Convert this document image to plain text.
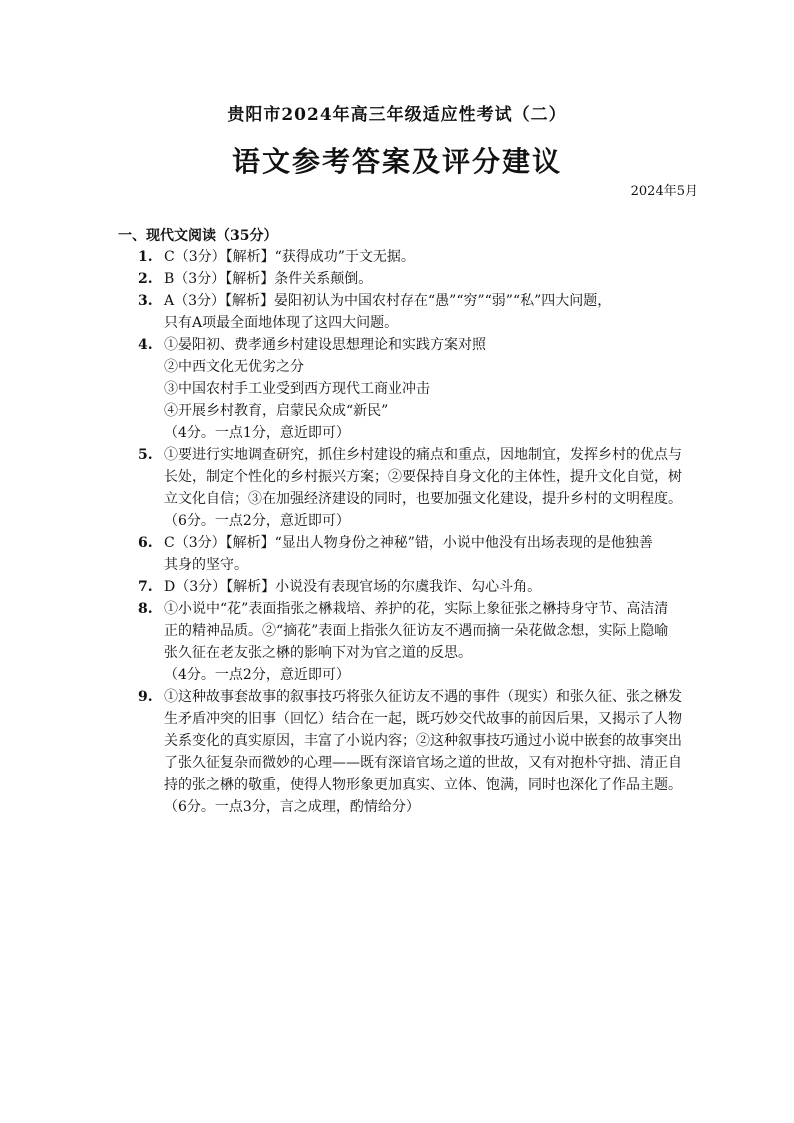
贵阳市2024年高三年级适应性考试（二）
语文参考答案及评分建议
2024年5月
一、现代文阅读（35分）
1. C（3分）【解析】“获得成功”于文无据。
2. B（3分）【解析】条件关系颠倒。
3. A（3分）【解析】晏阳初认为中国农村存在“愚”“穷”“弱”“私”四大问题，
只有A项最全面地体现了这四大问题。
4. ①晏阳初、费孝通乡村建设思想理论和实践方案对照
②中西文化无优劣之分
③中国农村手工业受到西方现代工商业冲击
④开展乡村教育，启蒙民众成“新民”
（4分。一点1分，意近即可）
5. ①要进行实地调查研究，抓住乡村建设的痛点和重点，因地制宜，发挥乡村的优点与
长处，制定个性化的乡村振兴方案；②要保持自身文化的主体性，提升文化自觉，树
立文化自信；③在加强经济建设的同时，也要加强文化建设，提升乡村的文明程度。
（6分。一点2分，意近即可）
6. C（3分）【解析】“显出人物身份之神秘”错，小说中他没有出场表现的是他独善
其身的坚守。
7. D（3分）【解析】小说没有表现官场的尔虞我诈、勾心斗角。
8. ①小说中“花”表面指张之楙栽培、养护的花，实际上象征张之楙持身守节、高洁清
正的精神品质。②“摘花”表面上指张久征访友不遇而摘一朵花做念想，实际上隐喻
张久征在老友张之楙的影响下对为官之道的反思。
（4分。一点2分，意近即可）
9. ①这种故事套故事的叙事技巧将张久征访友不遇的事件（现实）和张久征、张之楙发
生矛盾冲突的旧事（回忆）结合在一起，既巧妙交代故事的前因后果，又揭示了人物
关系变化的真实原因，丰富了小说内容；②这种叙事技巧通过小说中嵌套的故事突出
了张久征复杂而微妙的心理——既有深谙官场之道的世故，又有对抱朴守拙、清正自
持的张之楙的敬重，使得人物形象更加真实、立体、饱满，同时也深化了作品主题。
（6分。一点3分，言之成理，酌情给分）
